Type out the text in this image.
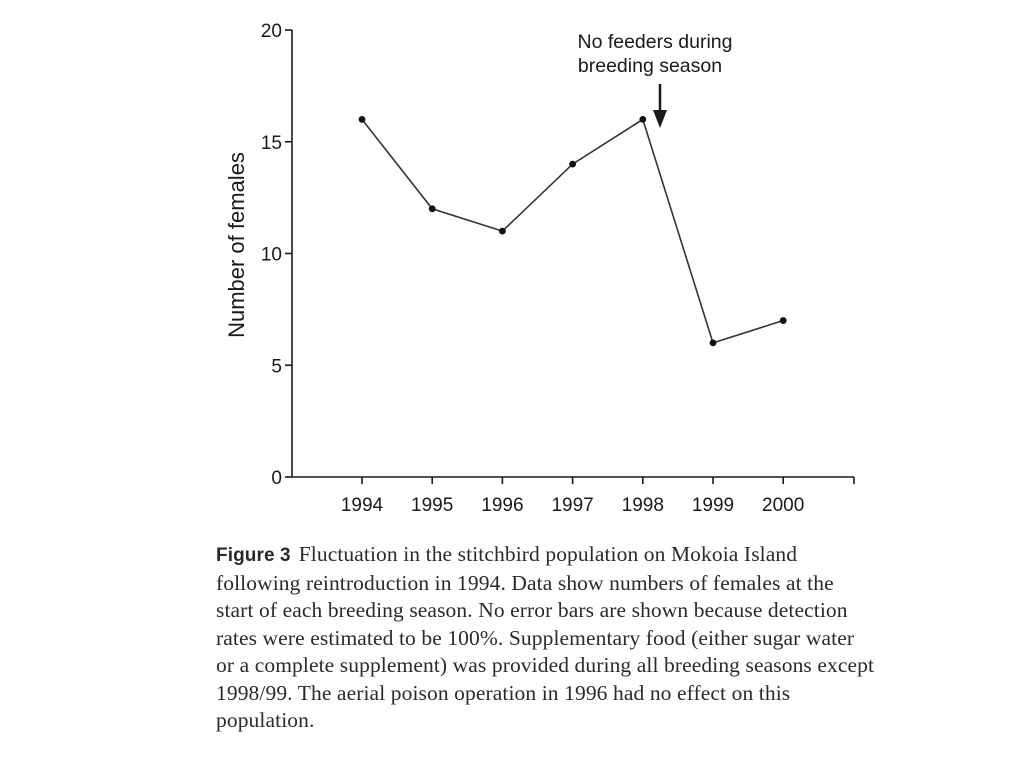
0
5
10
15
20
1994 1995 1996 1997 1998 1999 2000
Number of females
No feeders during
breeding season
Figure 3 Fluctuation in the stitchbird population on Mokoia Island following reintroduction in 1994. Data show numbers of females at the start of each breeding season. No error bars are shown because detection rates were estimated to be 100%. Supplementary food (either sugar water or a complete supplement) was provided during all breeding seasons except 1998/99. The aerial poison operation in 1996 had no effect on this population.
